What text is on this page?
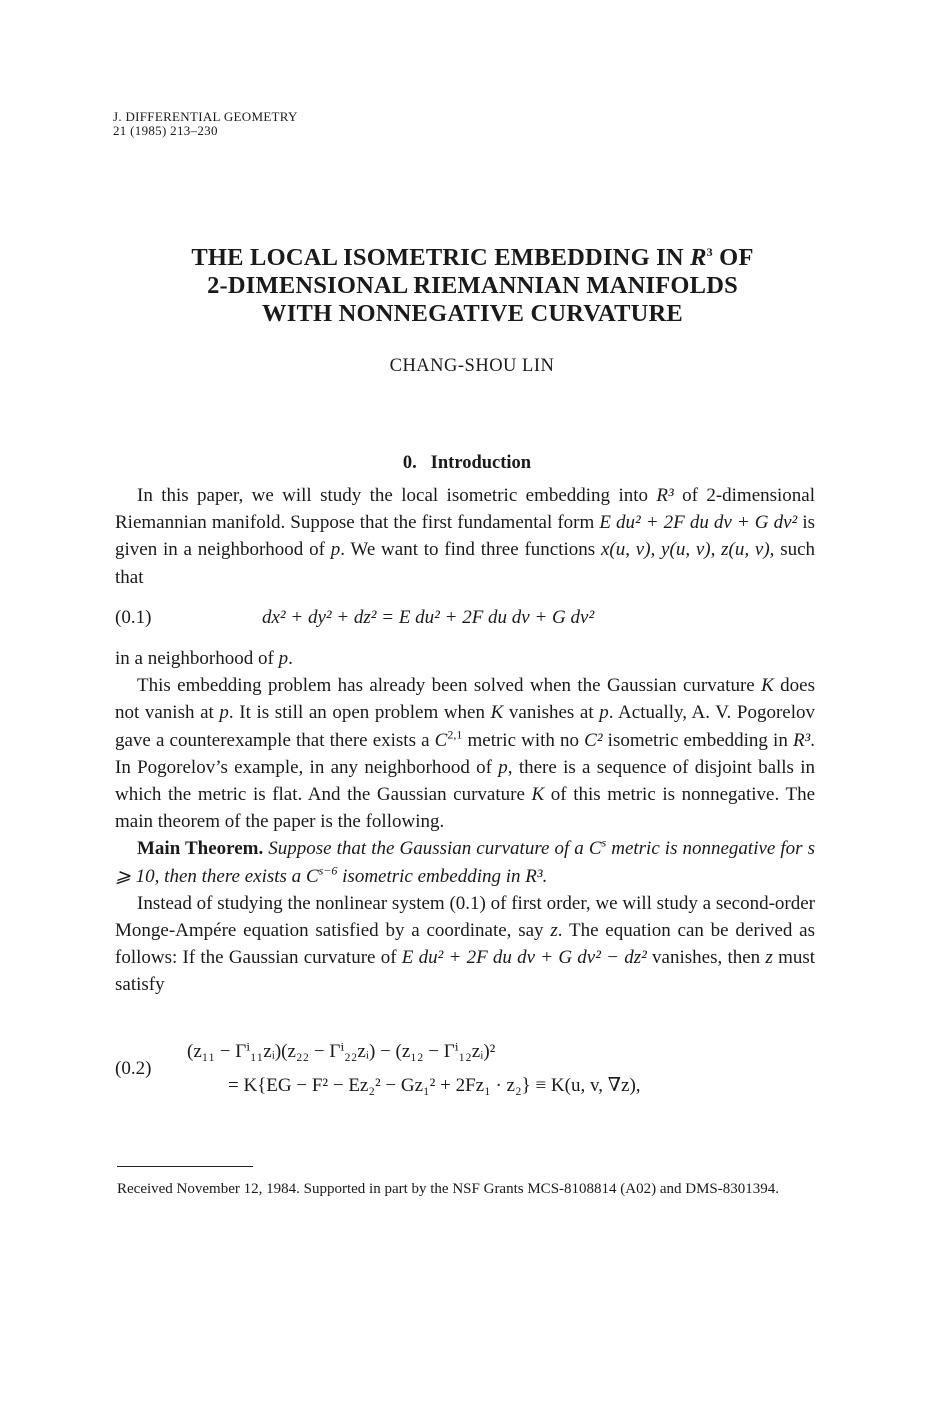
J. DIFFERENTIAL GEOMETRY
21 (1985) 213–230
THE LOCAL ISOMETRIC EMBEDDING IN $R^3$ OF
2-DIMENSIONAL RIEMANNIAN MANIFOLDS
WITH NONNEGATIVE CURVATURE
CHANG-SHOU LIN
0.  Introduction

In this paper, we will study the local isometric embedding into R³ of 2-dimensional Riemannian manifold. Suppose that the first fundamental form E du² + 2F du dv + G dv² is given in a neighborhood of p. We want to find three functions x(u, v), y(u, v), z(u, v), such that

(0.1)	dx² + dy² + dz² = E du² + 2F du dv + G dv²

in a neighborhood of p.

This embedding problem has already been solved when the Gaussian curvature K does not vanish at p. It is still an open problem when K vanishes at p. Actually, A. V. Pogorelov gave a counterexample that there exists a C$^{2,1}$ metric with no C² isometric embedding in R³. In Pogorelov’s example, in any neighborhood of p, there is a sequence of disjoint balls in which the metric is flat. And the Gaussian curvature K of this metric is nonnegative. The main theorem of the paper is the following.

Main Theorem. Suppose that the Gaussian curvature of a $C^s$ metric is nonnegative for s ⩾ 10, then there exists a $C^{s-6}$ isometric embedding in R³.

Instead of studying the nonlinear system (0.1) of first order, we will study a second-order Monge-Ampére equation satisfied by a coordinate, say z. The equation can be derived as follows: If the Gaussian curvature of E du² + 2F du dv + G dv² − dz² vanishes, then z must satisfy

(0.2)
(z₁₁ − Γⁱ₁₁zᵢ)(z₂₂ − Γⁱ₂₂zᵢ) − (z₁₂ − Γⁱ₁₂zᵢ)²
= K{EG − F² − Ez₂² − Gz₁² + 2Fz₁ · z₂} ≡ K(u, v, ∇z),
Received November 12, 1984. Supported in part by the NSF Grants MCS-8108814 (A02) and DMS-8301394.
